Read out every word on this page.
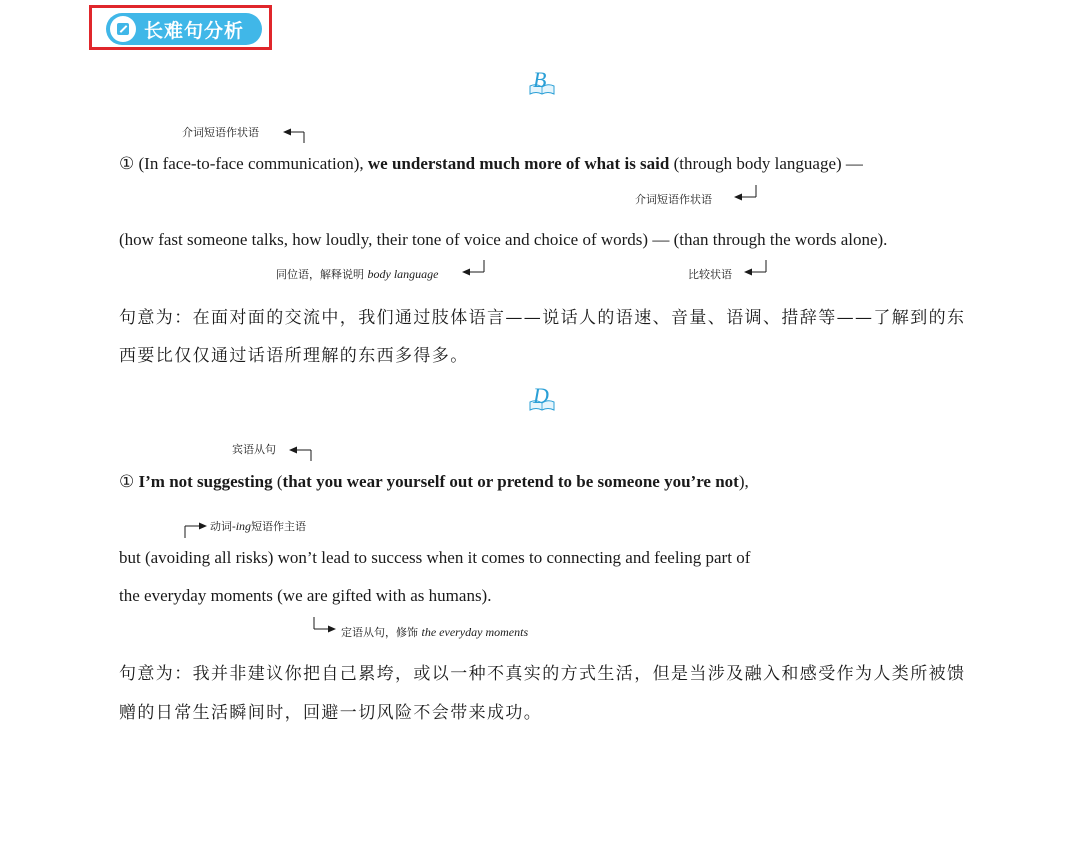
长难句分析
B
介词短语作状语
① (In face-to-face communication), we understand much more of what is said (through body language) —
介词短语作状语
(how fast someone talks, how loudly, their tone of voice and choice of words) — (than through the words alone).
同位语，解释说明 body language	比较状语
句意为：在面对面的交流中，我们通过肢体语言——说话人的语速、音量、语调、措辞等——了解到的东
西要比仅仅通过话语所理解的东西多得多。
D
宾语从句
① I’m not suggesting (that you wear yourself out or pretend to be someone you’re not),
动词-ing短语作主语
but (avoiding all risks) won’t lead to success when it comes to connecting and feeling part of
the everyday moments (we are gifted with as humans).
定语从句，修饰 the everyday moments
句意为：我并非建议你把自己累垮，或以一种不真实的方式生活，但是当涉及融入和感受作为人类所被馈
赠的日常生活瞬间时，回避一切风险不会带来成功。
